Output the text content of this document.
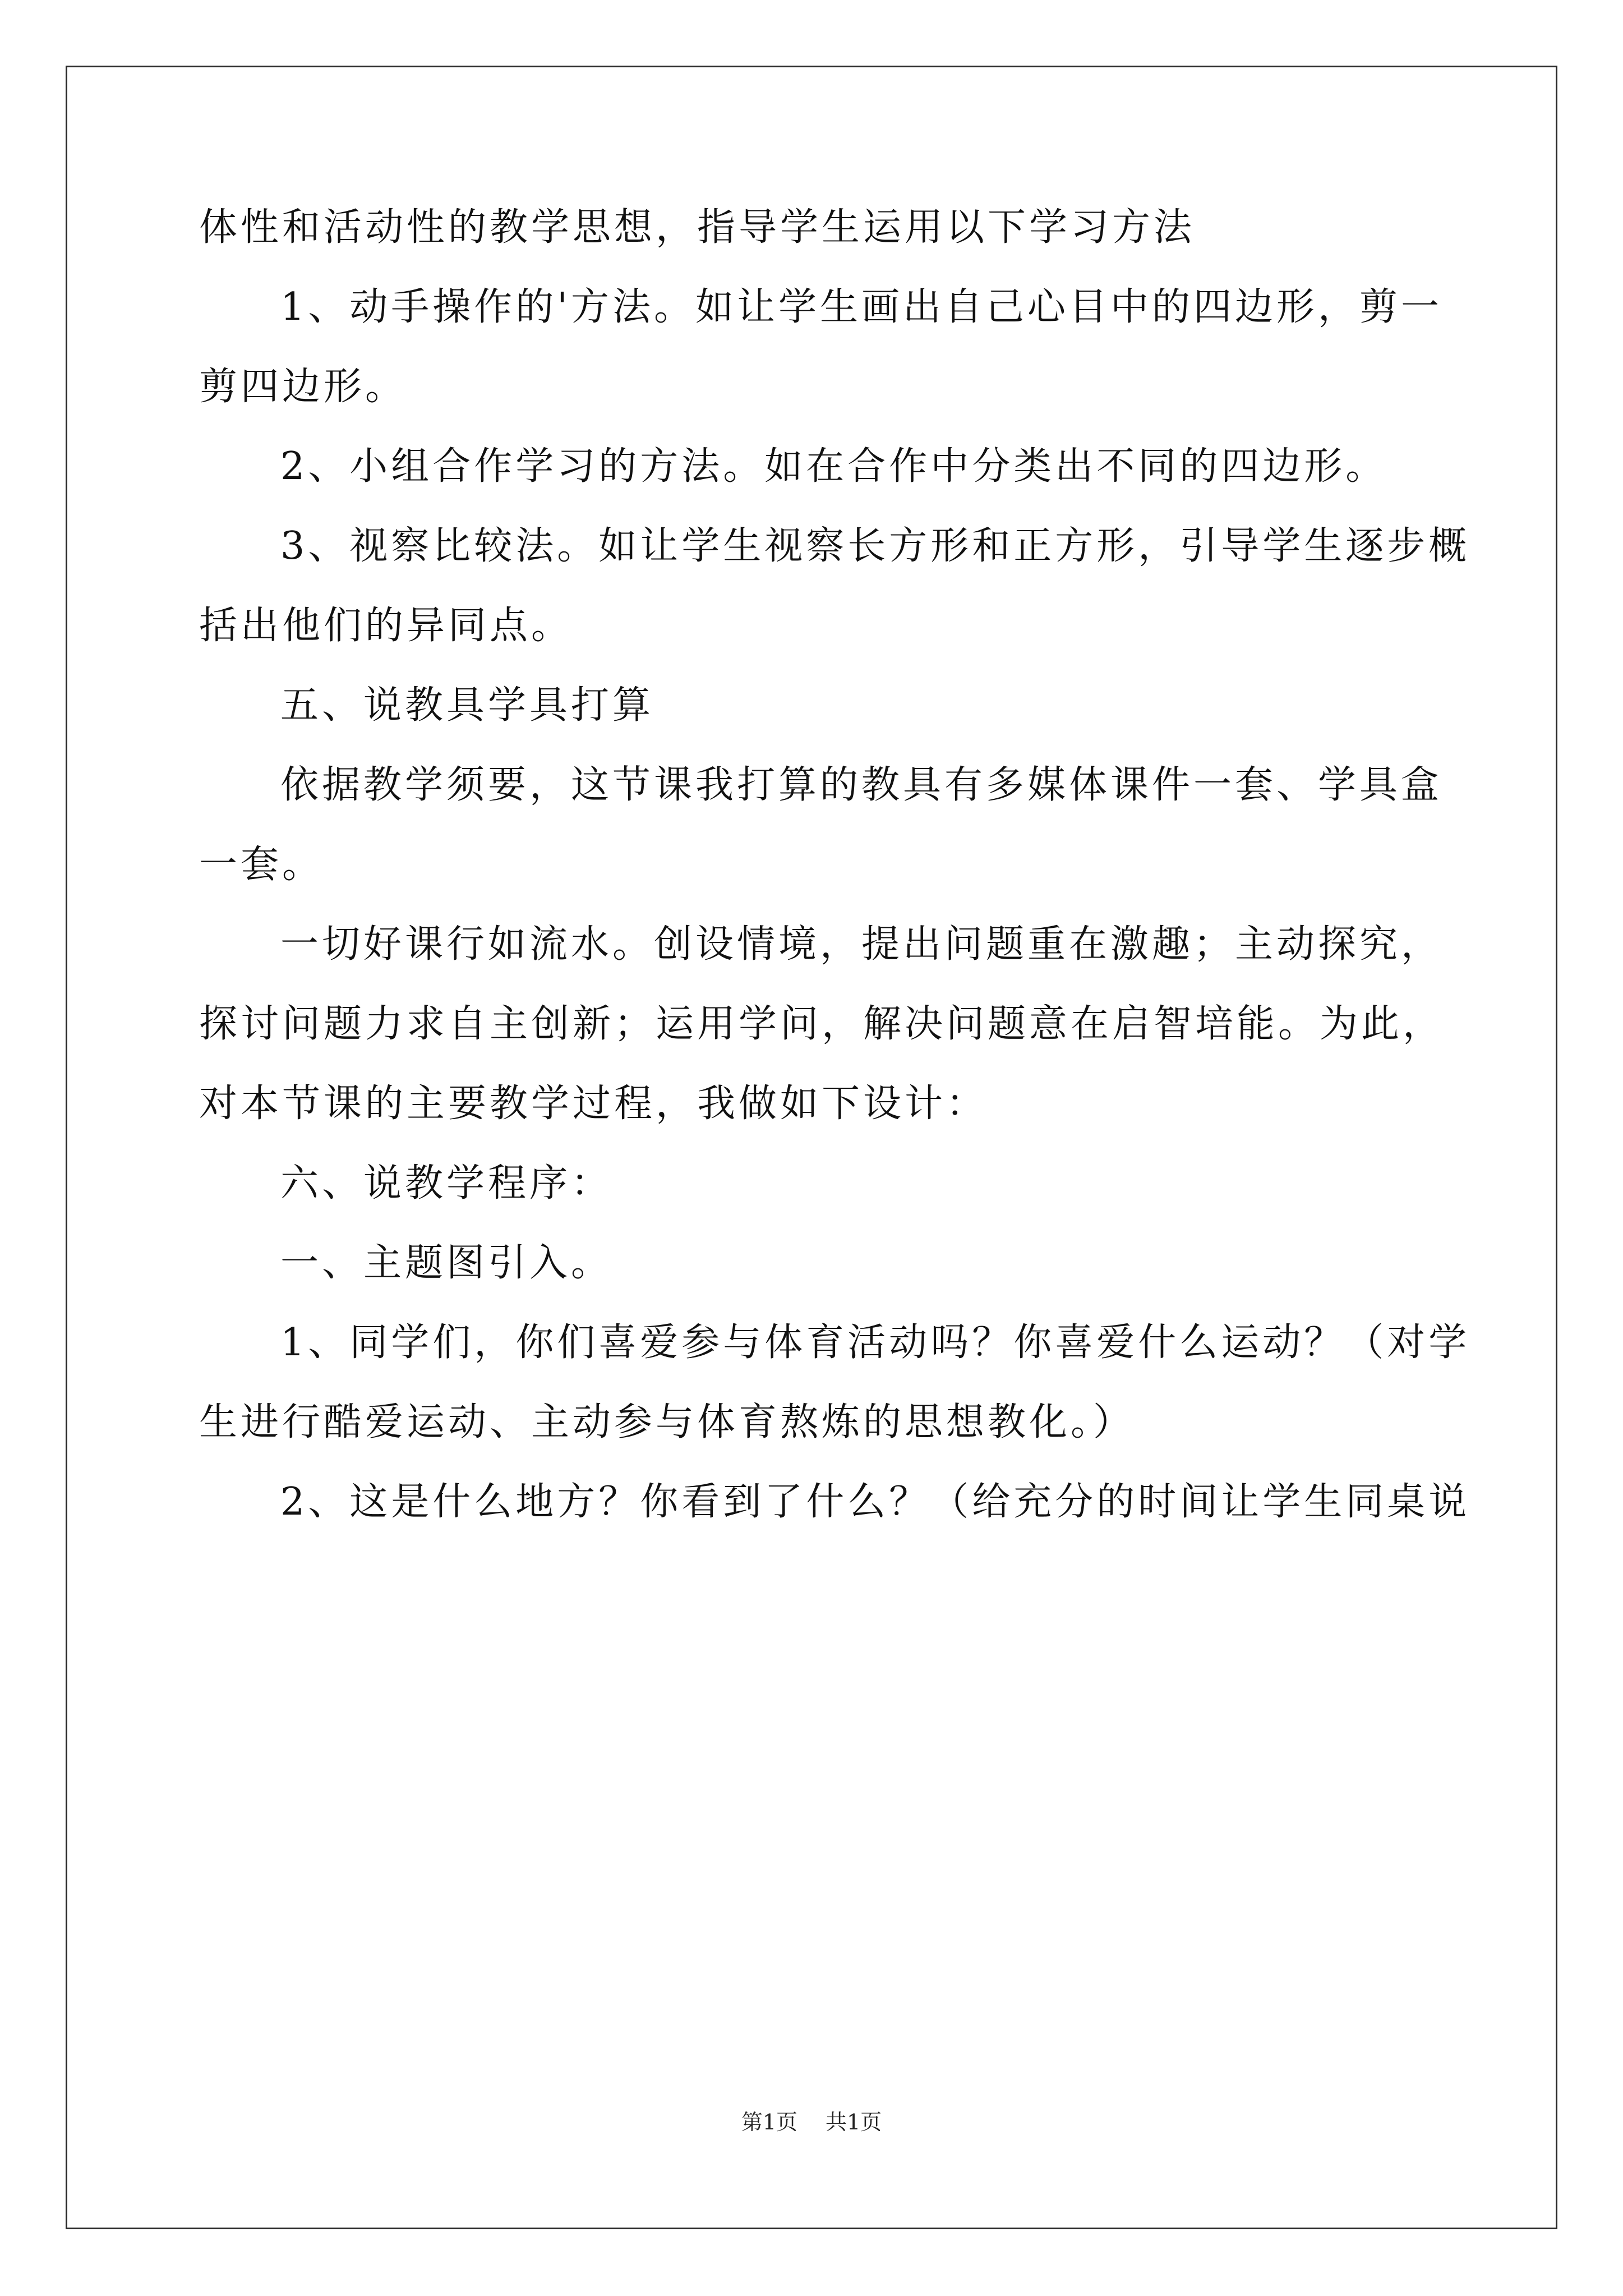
体性和活动性的教学思想，指导学生运用以下学习方法

1、动手操作的'方法。如让学生画出自己心目中的四边形，剪一

剪四边形。

2、小组合作学习的方法。如在合作中分类出不同的四边形。

3、视察比较法。如让学生视察长方形和正方形，引导学生逐步概

括出他们的异同点。

五、说教具学具打算

依据教学须要，这节课我打算的教具有多媒体课件一套、学具盒

一套。

一切好课行如流水。创设情境，提出问题重在激趣；主动探究，

探讨问题力求自主创新；运用学问，解决问题意在启智培能。为此，

对本节课的主要教学过程，我做如下设计：

六、说教学程序：

一、主题图引入。

1、同学们，你们喜爱参与体育活动吗？你喜爱什么运动？（对学

生进行酷爱运动、主动参与体育熬炼的思想教化。）

2、这是什么地方？你看到了什么？（给充分的时间让学生同桌说

第1页 共1页
